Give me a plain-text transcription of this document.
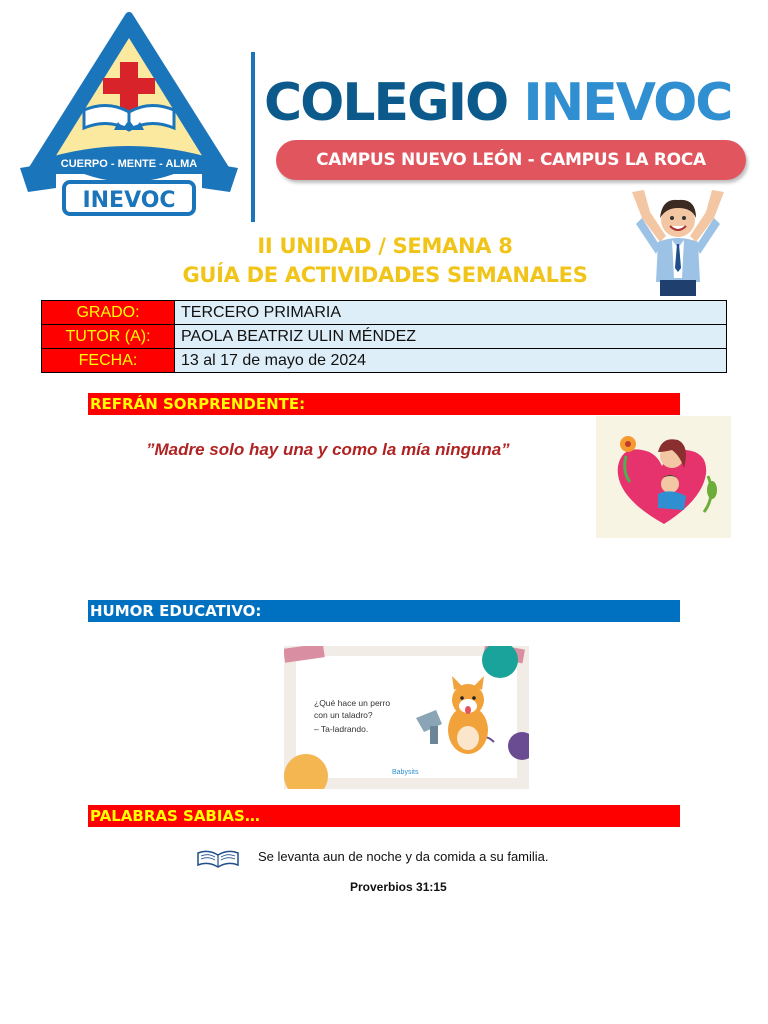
CUERPO - MENTE - ALMA
INEVOC
COLEGIO INEVOC
CAMPUS NUEVO LEÓN - CAMPUS LA ROCA
II UNIDAD / SEMANA 8
GUÍA DE ACTIVIDADES SEMANALES
GRADO:	TERCERO PRIMARIA
TUTOR (A):	PAOLA BEATRIZ ULIN MÉNDEZ
FECHA:	13 al 17 de mayo de 2024
REFRÁN SORPRENDENTE:
”Madre solo hay una y como la mía ninguna”
HUMOR EDUCATIVO:
¿Qué hace un perro
con un taladro?
– Ta-ladrando.
Babysits
PALABRAS SABIAS…
Se levanta aun de noche y da comida a su familia.
Proverbios 31:15
